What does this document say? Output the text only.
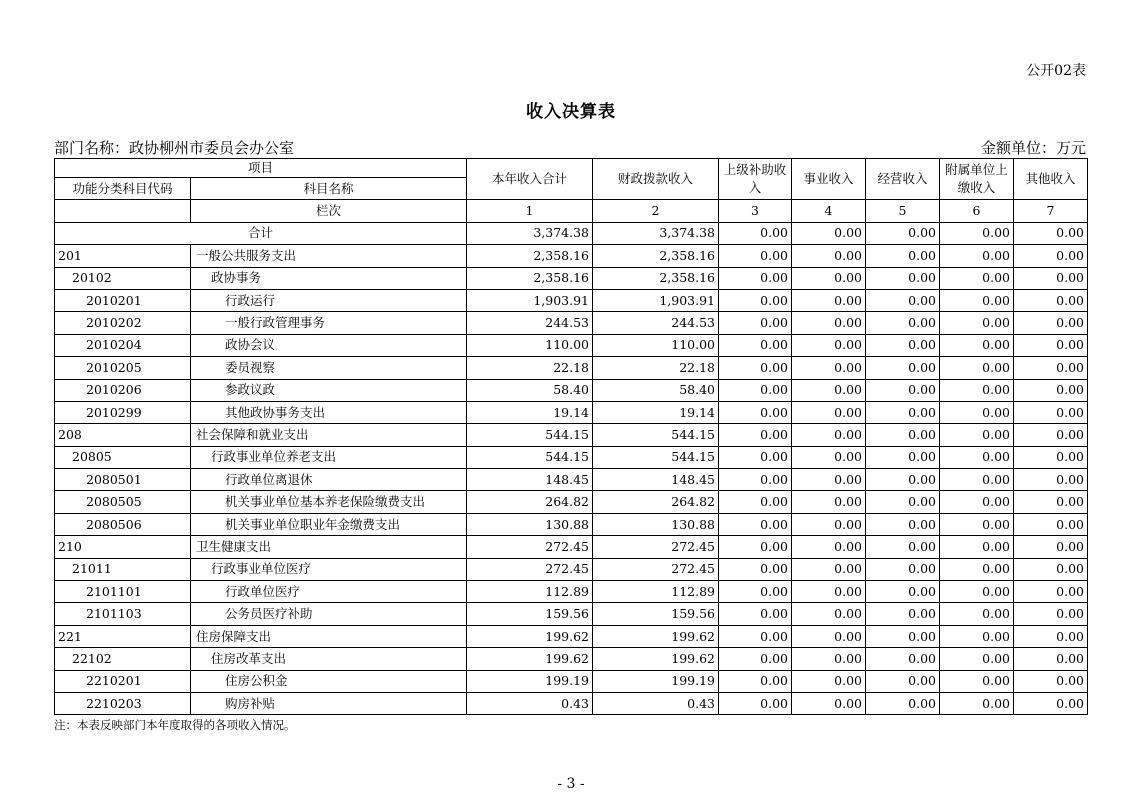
公开02表
收入决算表
部门名称：政协柳州市委员会办公室	金额单位：万元
项目		本年收入合计	财政拨款收入	上级补助收入	事业收入	经营收入	附属单位上缴收入	其他收入
功能分类科目代码	科目名称							
	栏次	1	2	3	4	5	6	7
合计		3,374.38	3,374.38	0.00	0.00	0.00	0.00	0.00
201	一般公共服务支出	2,358.16	2,358.16	0.00	0.00	0.00	0.00	0.00
20102	政协事务	2,358.16	2,358.16	0.00	0.00	0.00	0.00	0.00
2010201	行政运行	1,903.91	1,903.91	0.00	0.00	0.00	0.00	0.00
2010202	一般行政管理事务	244.53	244.53	0.00	0.00	0.00	0.00	0.00
2010204	政协会议	110.00	110.00	0.00	0.00	0.00	0.00	0.00
2010205	委员视察	22.18	22.18	0.00	0.00	0.00	0.00	0.00
2010206	参政议政	58.40	58.40	0.00	0.00	0.00	0.00	0.00
2010299	其他政协事务支出	19.14	19.14	0.00	0.00	0.00	0.00	0.00
208	社会保障和就业支出	544.15	544.15	0.00	0.00	0.00	0.00	0.00
20805	行政事业单位养老支出	544.15	544.15	0.00	0.00	0.00	0.00	0.00
2080501	行政单位离退休	148.45	148.45	0.00	0.00	0.00	0.00	0.00
2080505	机关事业单位基本养老保险缴费支出	264.82	264.82	0.00	0.00	0.00	0.00	0.00
2080506	机关事业单位职业年金缴费支出	130.88	130.88	0.00	0.00	0.00	0.00	0.00
210	卫生健康支出	272.45	272.45	0.00	0.00	0.00	0.00	0.00
21011	行政事业单位医疗	272.45	272.45	0.00	0.00	0.00	0.00	0.00
2101101	行政单位医疗	112.89	112.89	0.00	0.00	0.00	0.00	0.00
2101103	公务员医疗补助	159.56	159.56	0.00	0.00	0.00	0.00	0.00
221	住房保障支出	199.62	199.62	0.00	0.00	0.00	0.00	0.00
22102	住房改革支出	199.62	199.62	0.00	0.00	0.00	0.00	0.00
2210201	住房公积金	199.19	199.19	0.00	0.00	0.00	0.00	0.00
2210203	购房补贴	0.43	0.43	0.00	0.00	0.00	0.00	0.00
注：本表反映部门本年度取得的各项收入情况。
- 3 -
